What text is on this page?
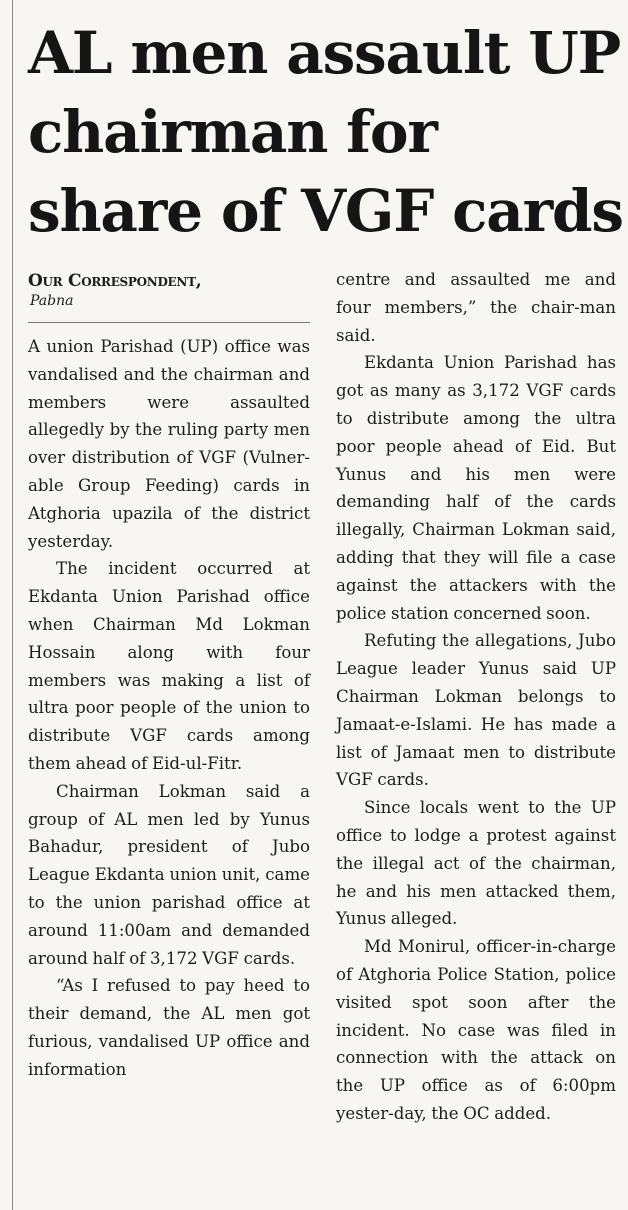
AL men assault UP
chairman for
share of VGF cards
Our Correspondent,
Pabna

A union Parishad (UP) office was vandalised and the chairman and members were assaulted allegedly by the ruling party men over distribution of VGF (Vulner-able Group Feeding) cards in Atghoria upazila of the district yesterday.

The incident occurred at Ekdanta Union Parishad office when Chairman Md Lokman Hossain along with four members was making a list of ultra poor people of the union to distribute VGF cards among them ahead of Eid-ul-Fitr.

Chairman Lokman said a group of AL men led by Yunus Bahadur, president of Jubo League Ekdanta union unit, came to the union parishad office at around 11:00am and demanded around half of 3,172 VGF cards.

“As I refused to pay heed to their demand, the AL men got furious, vandalised UP office and information

centre and assaulted me and four members,” the chair-man said.

Ekdanta Union Parishad has got as many as 3,172 VGF cards to distribute among the ultra poor people ahead of Eid. But Yunus and his men were demanding half of the cards illegally, Chairman Lokman said, adding that they will file a case against the attackers with the police station concerned soon.

Refuting the allegations, Jubo League leader Yunus said UP Chairman Lokman belongs to Jamaat-e-Islami. He has made a list of Jamaat men to distribute VGF cards.

Since locals went to the UP office to lodge a protest against the illegal act of the chairman, he and his men attacked them, Yunus alleged.

Md Monirul, officer-in-charge of Atghoria Police Station, police visited spot soon after the incident. No case was filed in connection with the attack on the UP office as of 6:00pm yester-day, the OC added.
